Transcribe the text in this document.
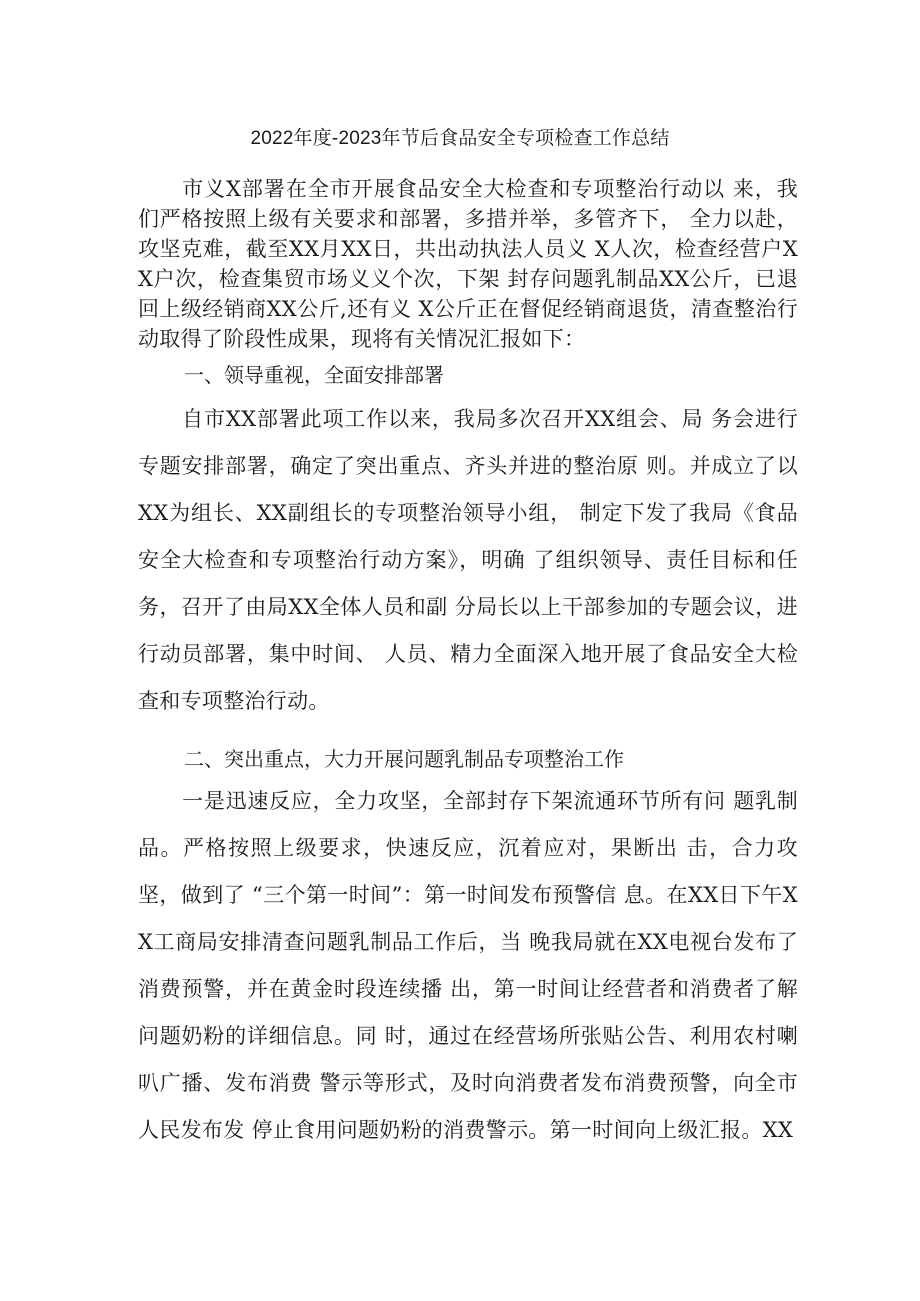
2022年度-2023年节后食品安全专项检查工作总结
市义X部署在全市开展食品安全大检查和专项整治行动以 来，我们严格按照上级有关要求和部署，多措并举，多管齐下， 全力以赴，攻坚克难，截至XX月XX日，共出动执法人员义 X人次，检查经营户XX户次，检查集贸市场义义个次，下架 封存问题乳制品XX公斤，已退回上级经销商XX公斤,还有义 X公斤正在督促经销商退货，清查整治行动取得了阶段性成果，现将有关情况汇报如下：
一、领导重视，全面安排部署
自市XX部署此项工作以来，我局多次召开XX组会、局 务会进行专题安排部署，确定了突出重点、齐头并进的整治原 则。并成立了以XX为组长、XX副组长的专项整治领导小组， 制定下发了我局《食品安全大检查和专项整治行动方案》，明确 了组织领导、责任目标和任务，召开了由局XX全体人员和副 分局长以上干部参加的专题会议，进行动员部署，集中时间、 人员、精力全面深入地开展了食品安全大检查和专项整治行动。
二、突出重点，大力开展问题乳制品专项整治工作
一是迅速反应，全力攻坚，全部封存下架流通环节所有问 题乳制品。严格按照上级要求，快速反应，沉着应对，果断出 击，合力攻坚，做到了 “三个第一时间”：第一时间发布预警信 息。在XX日下午XX工商局安排清查问题乳制品工作后，当 晚我局就在XX电视台发布了消费预警，并在黄金时段连续播 出，第一时间让经营者和消费者了解问题奶粉的详细信息。同 时，通过在经营场所张贴公告、利用农村喇叭广播、发布消费 警示等形式，及时向消费者发布消费预警，向全市人民发布发 停止食用问题奶粉的消费警示。第一时间向上级汇报。XX
